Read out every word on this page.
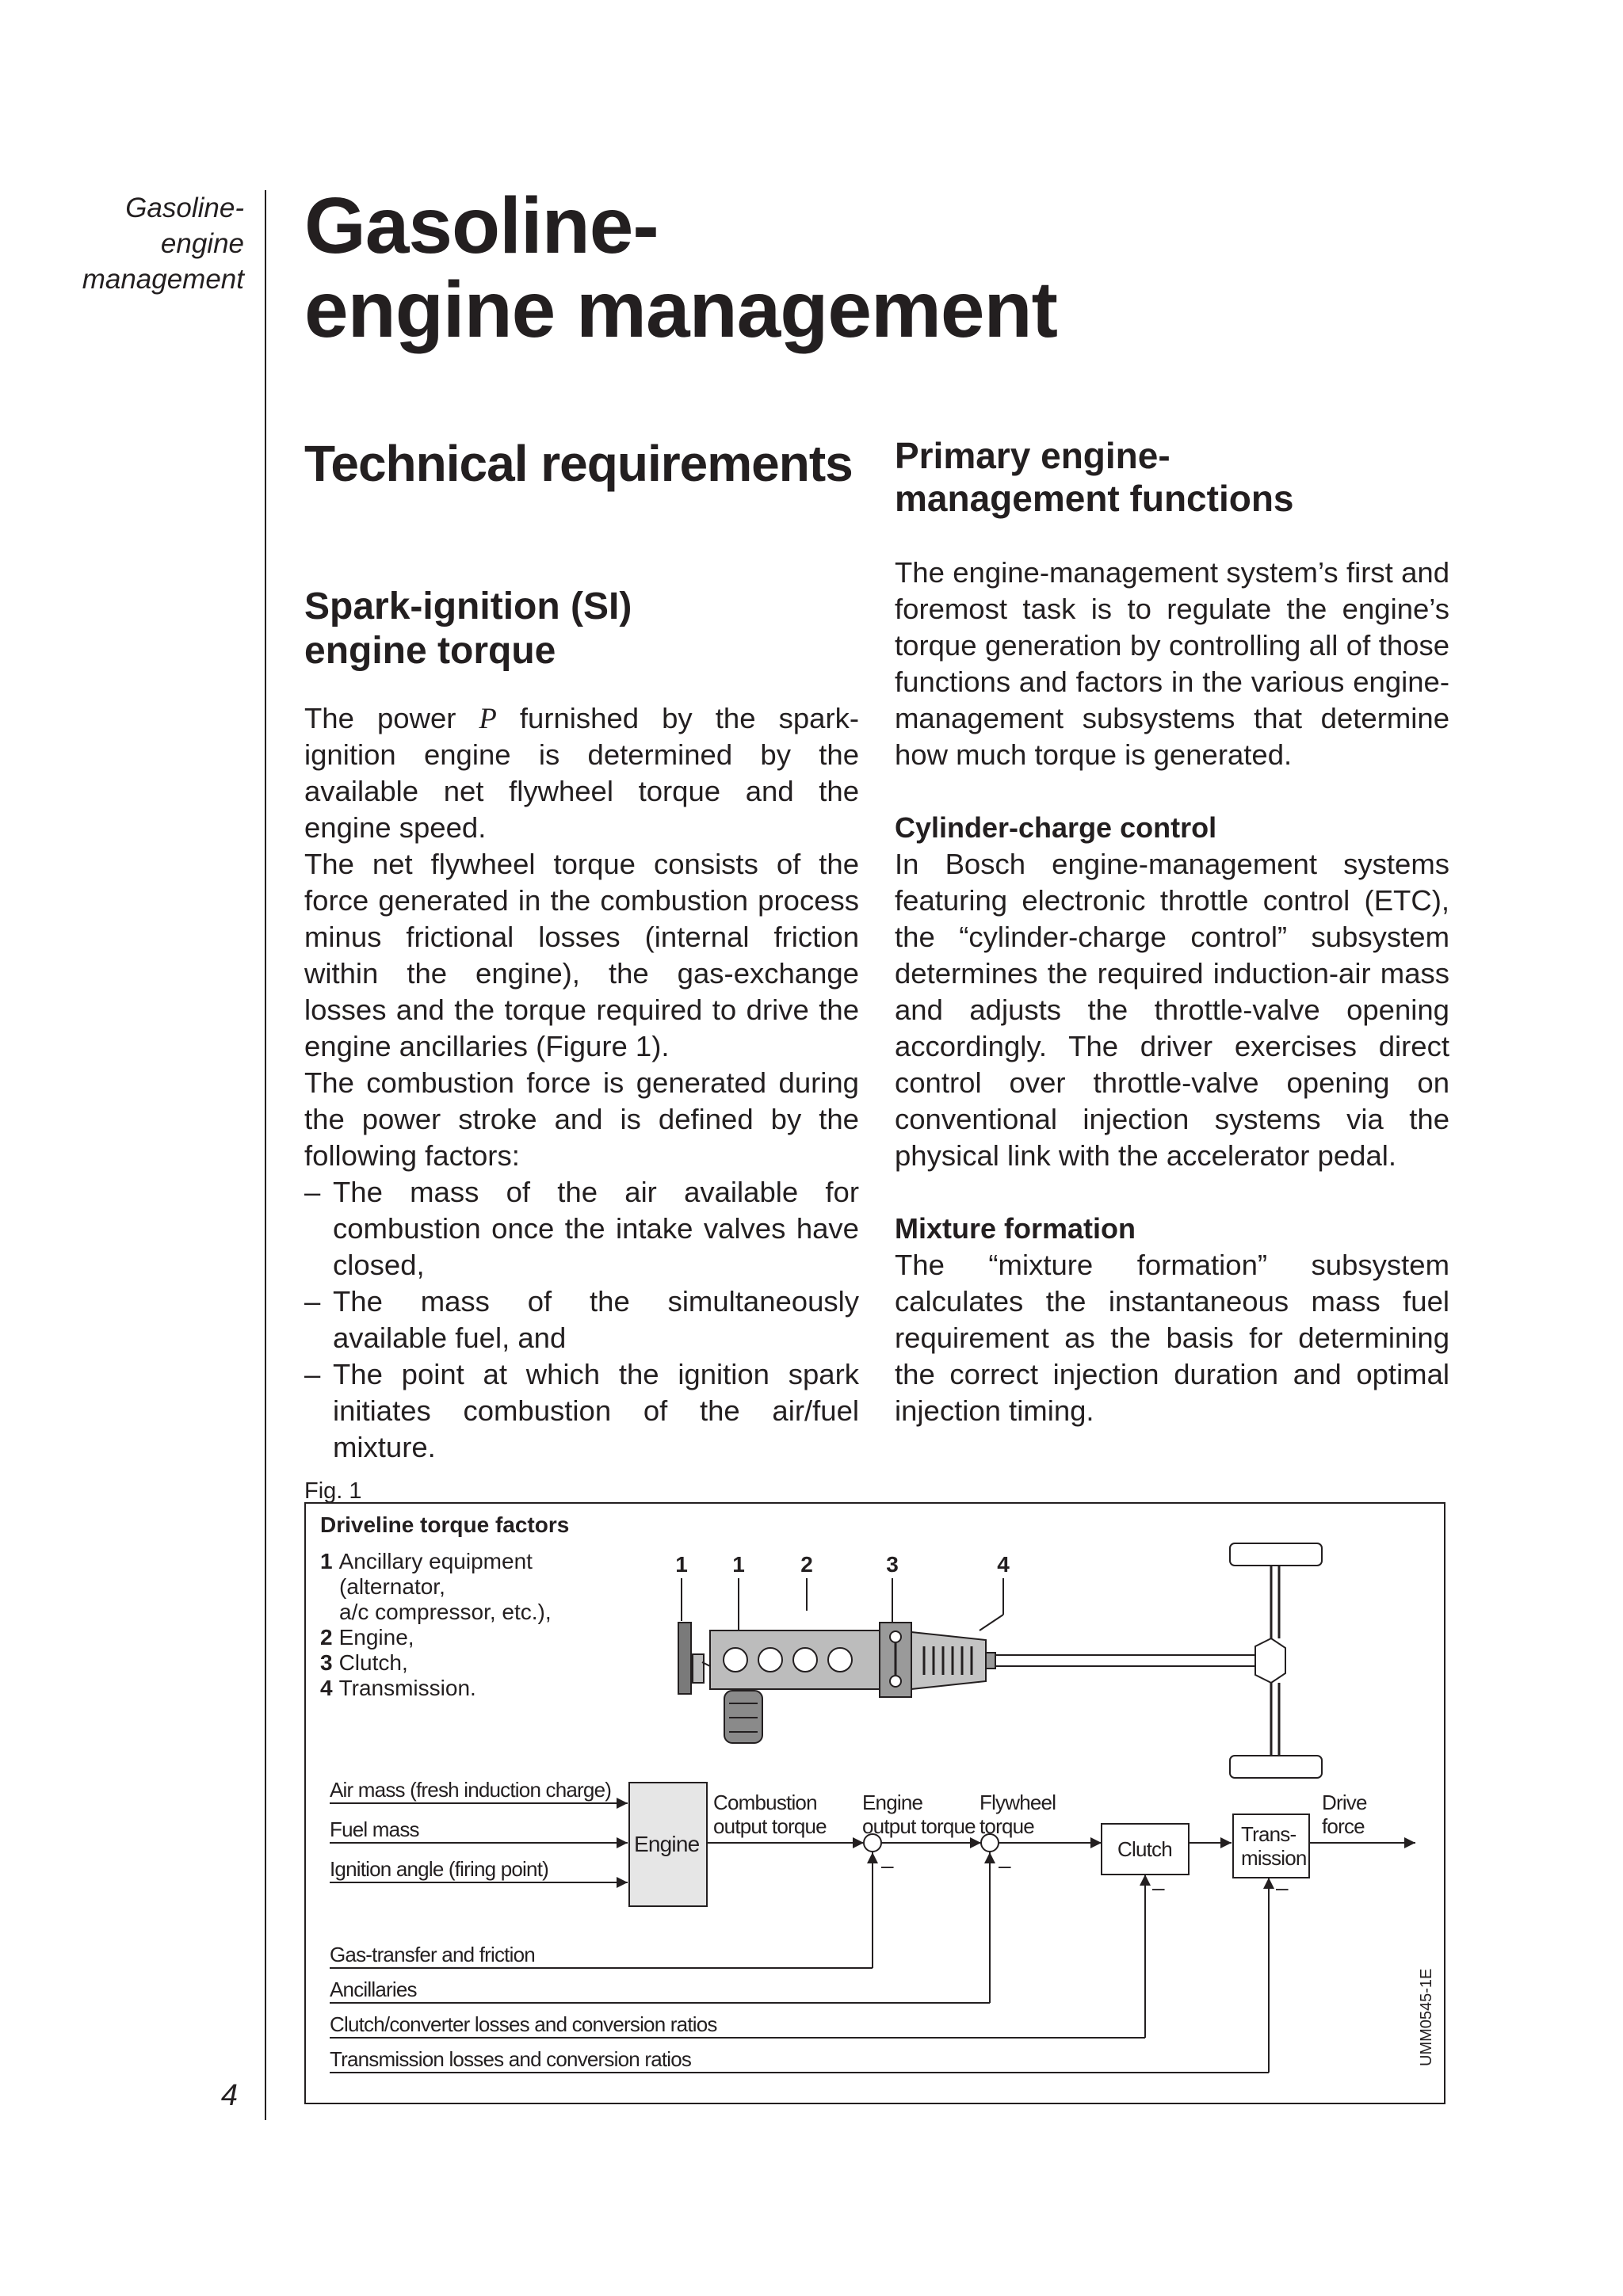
Gasoline-
engine
management
4
Gasoline-
engine management
Technical requirements
Spark-ignition (SI)
engine torque

The power P furnished by the spark-ignition engine is determined by the available net flywheel torque and the engine speed.

The net flywheel torque consists of the force generated in the combustion process minus frictional losses (internal friction within the engine), the gas-exchange losses and the torque required to drive the engine ancillaries (Figure 1).

The combustion force is generated during the power stroke and is defined by the following factors:

– The mass of the air available for combustion once the intake valves have closed,
– The mass of the simultaneously available fuel, and
– The point at which the ignition spark initiates combustion of the air/fuel mixture.
Primary engine-
management functions

The engine-management system’s first and foremost task is to regulate the engine’s torque generation by controlling all of those functions and factors in the various engine-management subsystems that determine how much torque is generated.

Cylinder-charge control

In Bosch engine-management systems featuring electronic throttle control (ETC), the “cylinder-charge control” subsystem determines the required induction-air mass and adjusts the throttle-valve opening accordingly. The driver exercises direct control over throttle-valve opening on conventional injection systems via the physical link with the accelerator pedal.

Mixture formation

The “mixture formation” subsystem calculates the instantaneous mass fuel requirement as the basis for determining the correct injection duration and optimal injection timing.

Fig. 1
Driveline torque factors
1 Ancillary equipment
(alternator,
a/c compressor, etc.),
2 Engine,
3 Clutch,
4 Transmission.
1 1	2	3	4
Air mass (fresh induction charge)
Fuel mass
Ignition angle (firing point)
Gas-transfer and friction
Ancillaries
Clutch/converter losses and conversion ratios
Transmission losses and conversion ratios
Engine
Combustion
output torque
Engine
output torque
Flywheel
torque
Clutch
Trans-
mission
Drive
force
–	–
–	–
UMM0545-1E
